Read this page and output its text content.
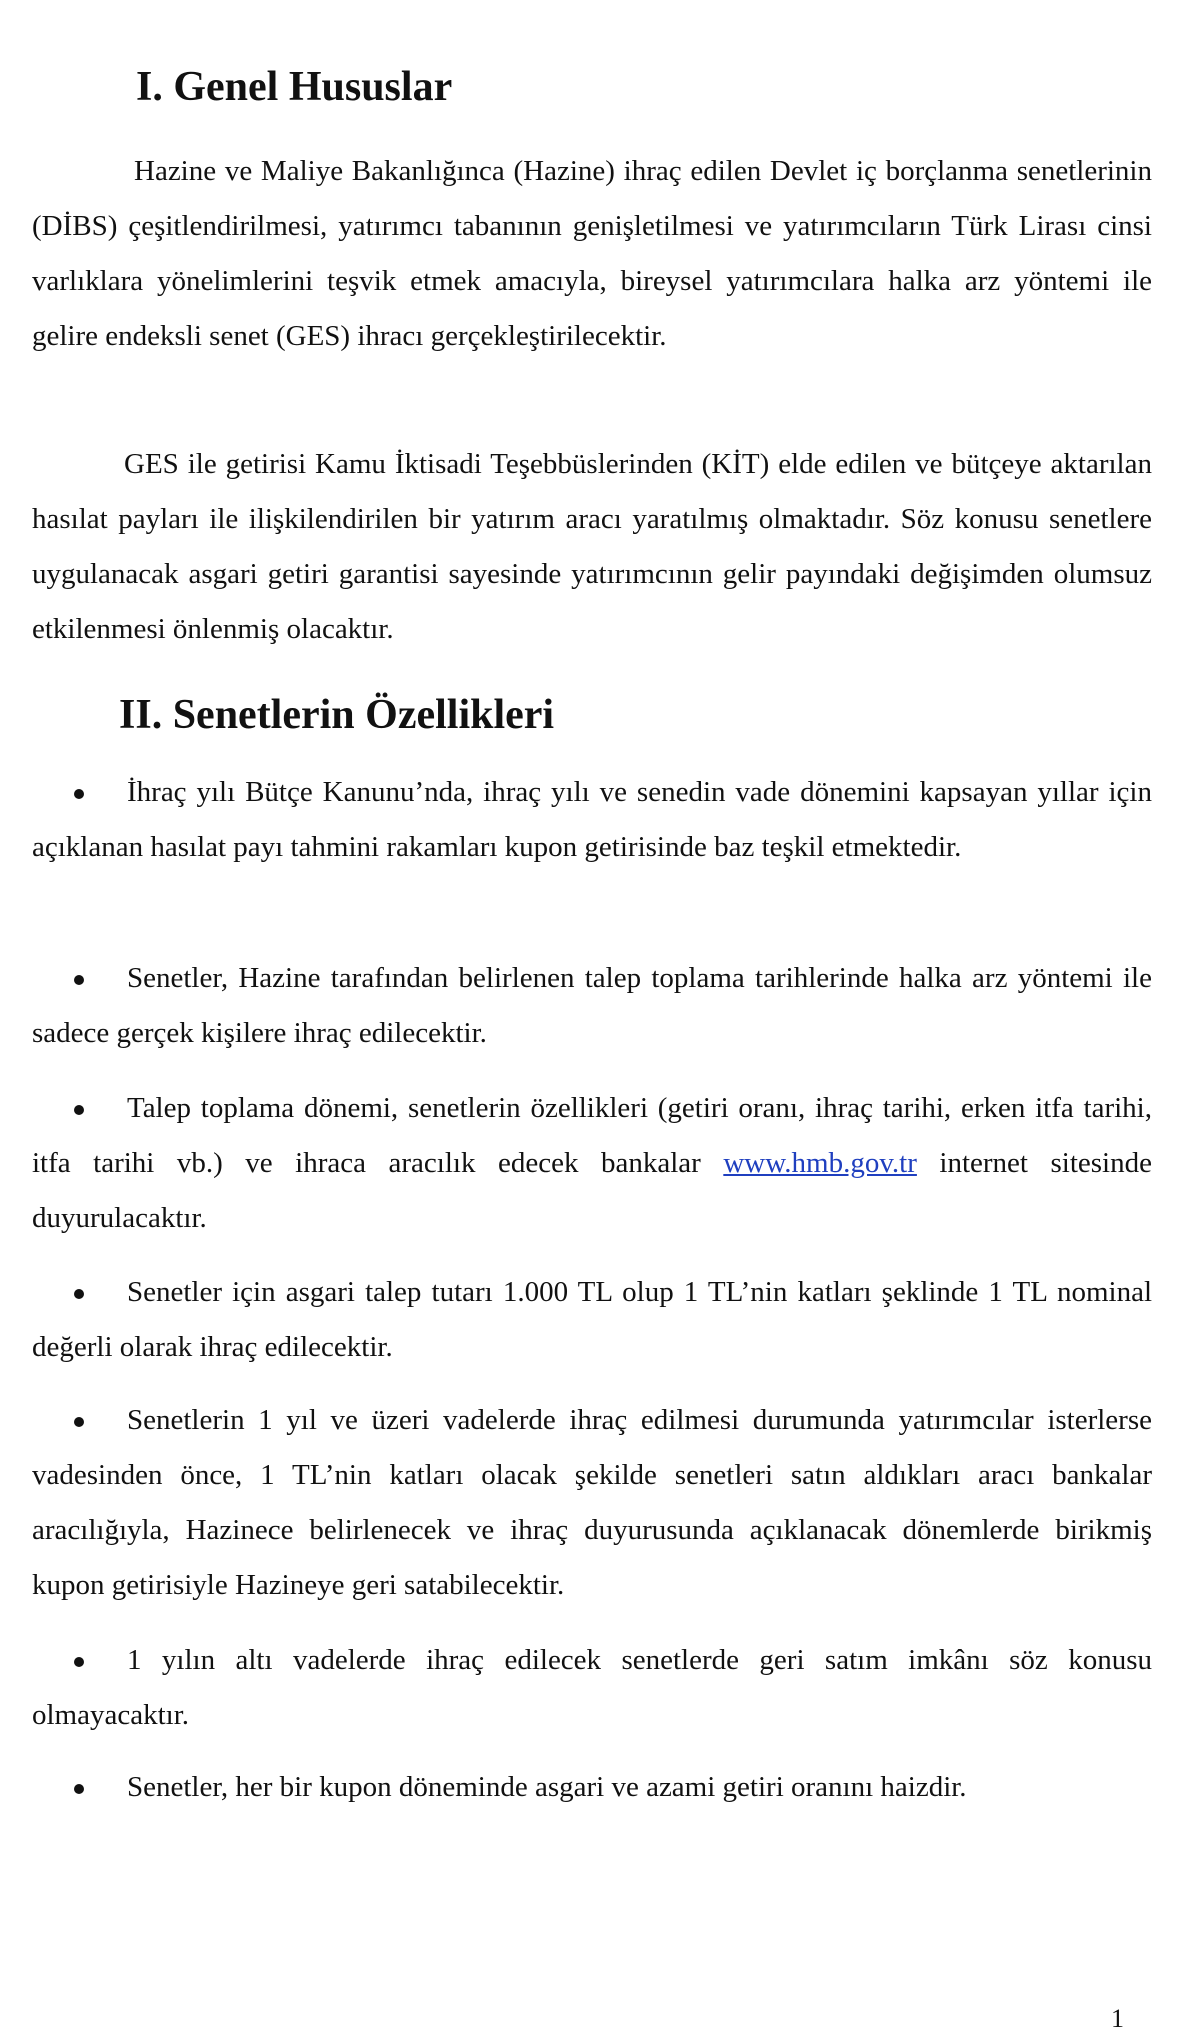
I. Genel Hususlar

Hazine ve Maliye Bakanlığınca (Hazine) ihraç edilen Devlet iç borçlanma senetlerinin (DİBS) çeşitlendirilmesi, yatırımcı tabanının genişletilmesi ve yatırımcıların Türk Lirası cinsi varlıklara yönelimlerini teşvik etmek amacıyla, bireysel yatırımcılara halka arz yöntemi ile gelire endeksli senet (GES) ihracı gerçekleştirilecektir.

GES ile getirisi Kamu İktisadi Teşebbüslerinden (KİT) elde edilen ve bütçeye aktarılan hasılat payları ile ilişkilendirilen bir yatırım aracı yaratılmış olmaktadır. Söz konusu senetlere uygulanacak asgari getiri garantisi sayesinde yatırımcının gelir payındaki değişimden olumsuz etkilenmesi önlenmiş olacaktır.

II. Senetlerin Özellikleri
İhraç yılı Bütçe Kanunu’nda, ihraç yılı ve senedin vade dönemini kapsayan yıllar için açıklanan hasılat payı tahmini rakamları kupon getirisinde baz teşkil etmektedir.
Senetler, Hazine tarafından belirlenen talep toplama tarihlerinde halka arz yöntemi ile sadece gerçek kişilere ihraç edilecektir.
Talep toplama dönemi, senetlerin özellikleri (getiri oranı, ihraç tarihi, erken itfa tarihi, itfa tarihi vb.) ve ihraca aracılık edecek bankalar www.hmb.gov.tr internet sitesinde duyurulacaktır.
Senetler için asgari talep tutarı 1.000 TL olup 1 TL’nin katları şeklinde 1 TL nominal değerli olarak ihraç edilecektir.
Senetlerin 1 yıl ve üzeri vadelerde ihraç edilmesi durumunda yatırımcılar isterlerse vadesinden önce, 1 TL’nin katları olacak şekilde senetleri satın aldıkları aracı bankalar aracılığıyla, Hazinece belirlenecek ve ihraç duyurusunda açıklanacak dönemlerde birikmiş kupon getirisiyle Hazineye geri satabilecektir.
1 yılın altı vadelerde ihraç edilecek senetlerde geri satım imkânı söz konusu olmayacaktır.
Senetler, her bir kupon döneminde asgari ve azami getiri oranını haizdir.
1
